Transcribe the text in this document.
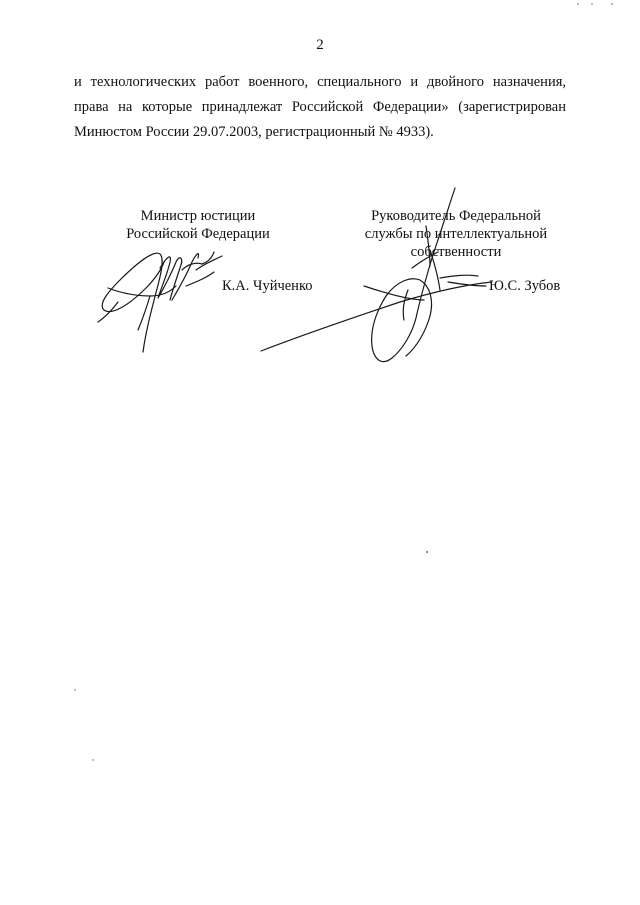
2
и технологических работ военного, специального и двойного назначения,
права на которые принадлежат Российской Федерации» (зарегистрирован
Минюстом России 29.07.2003, регистрационный № 4933).
Министр юстиции
Российской Федерации
К.А. Чуйченко
Руководитель Федеральной
службы по интеллектуальной
собственности
Ю.С. Зубов
